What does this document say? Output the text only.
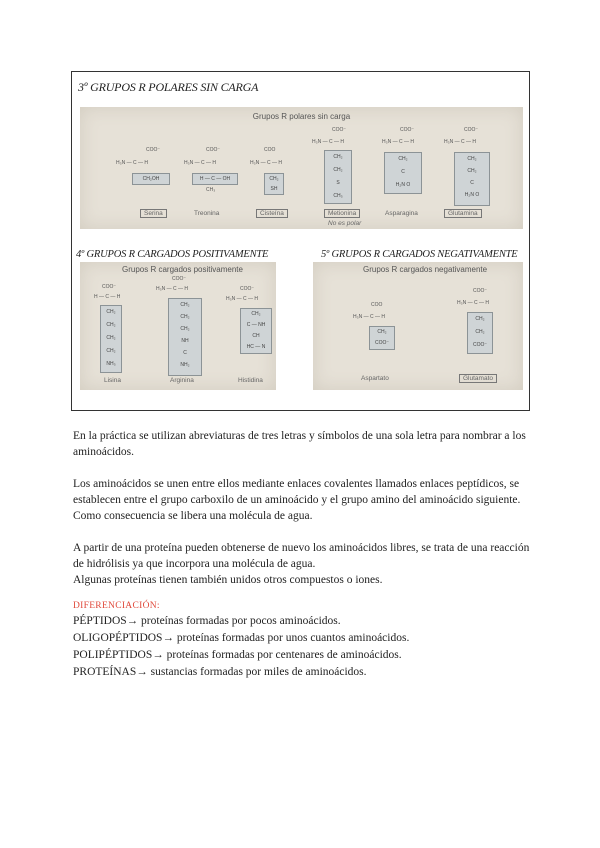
3º GRUPOS R POLARES SIN CARGA
Grupos R polares sin carga
COO⁻
H₃N — C — H
CH₂OH
COO⁻
H₃N — C — H
H — C — OH
CH₃
COO
H₃N — C — H
CH₂
SH
COO⁻
H₃N — C — H
CH₂
CH₂
S
CH₃
COO⁻
H₃N — C — H
CH₂
C
H₂N O
COO⁻
H₃N — C — H
CH₂
CH₂
C
H₂N O
Serina	Treonina	Cisteína	Metionina
No es polar
Asparagina	Glutamina
4º GRUPOS R CARGADOS POSITIVAMENTE
Grupos R cargados positivamente
COO⁻
H — C — H
CH₂
CH₂
CH₂
CH₂
NH₃
COO⁻
H₃N — C — H
CH₂
CH₂
CH₂
NH
C
NH₂
COO⁻
H₃N — C — H
CH₂
C — NH
CH
HC — N
Lisina	Arginina	Histidina
5º GRUPOS R CARGADOS NEGATIVAMENTE
Grupos R cargados negativamente
COO
H₃N — C — H
CH₂
COO⁻
COO⁻
H₃N — C — H
CH₂
CH₂
COO⁻
Aspartato	Glutamato
En la práctica se utilizan abreviaturas de tres letras y símbolos de una sola letra para nombrar a los aminoácidos.
Los aminoácidos se unen entre ellos mediante enlaces covalentes llamados enlaces peptídicos, se establecen entre el grupo carboxilo de un aminoácido y el grupo amino del aminoácido siguiente. Como consecuencia se libera una molécula de agua.
A partir de una proteína pueden obtenerse de nuevo los aminoácidos libres, se trata de una reacción de hidrólisis ya que incorpora una molécula de agua.
Algunas proteínas tienen también unidos otros compuestos o iones.
DIFERENCIACIÓN:
PÉPTIDOS→ proteínas formadas por pocos aminoácidos.
OLIGOPÉPTIDOS→ proteínas formadas por unos cuantos aminoácidos.
POLIPÉPTIDOS→ proteínas formadas por centenares de aminoácidos.
PROTEÍNAS→ sustancias formadas por miles de aminoácidos.
